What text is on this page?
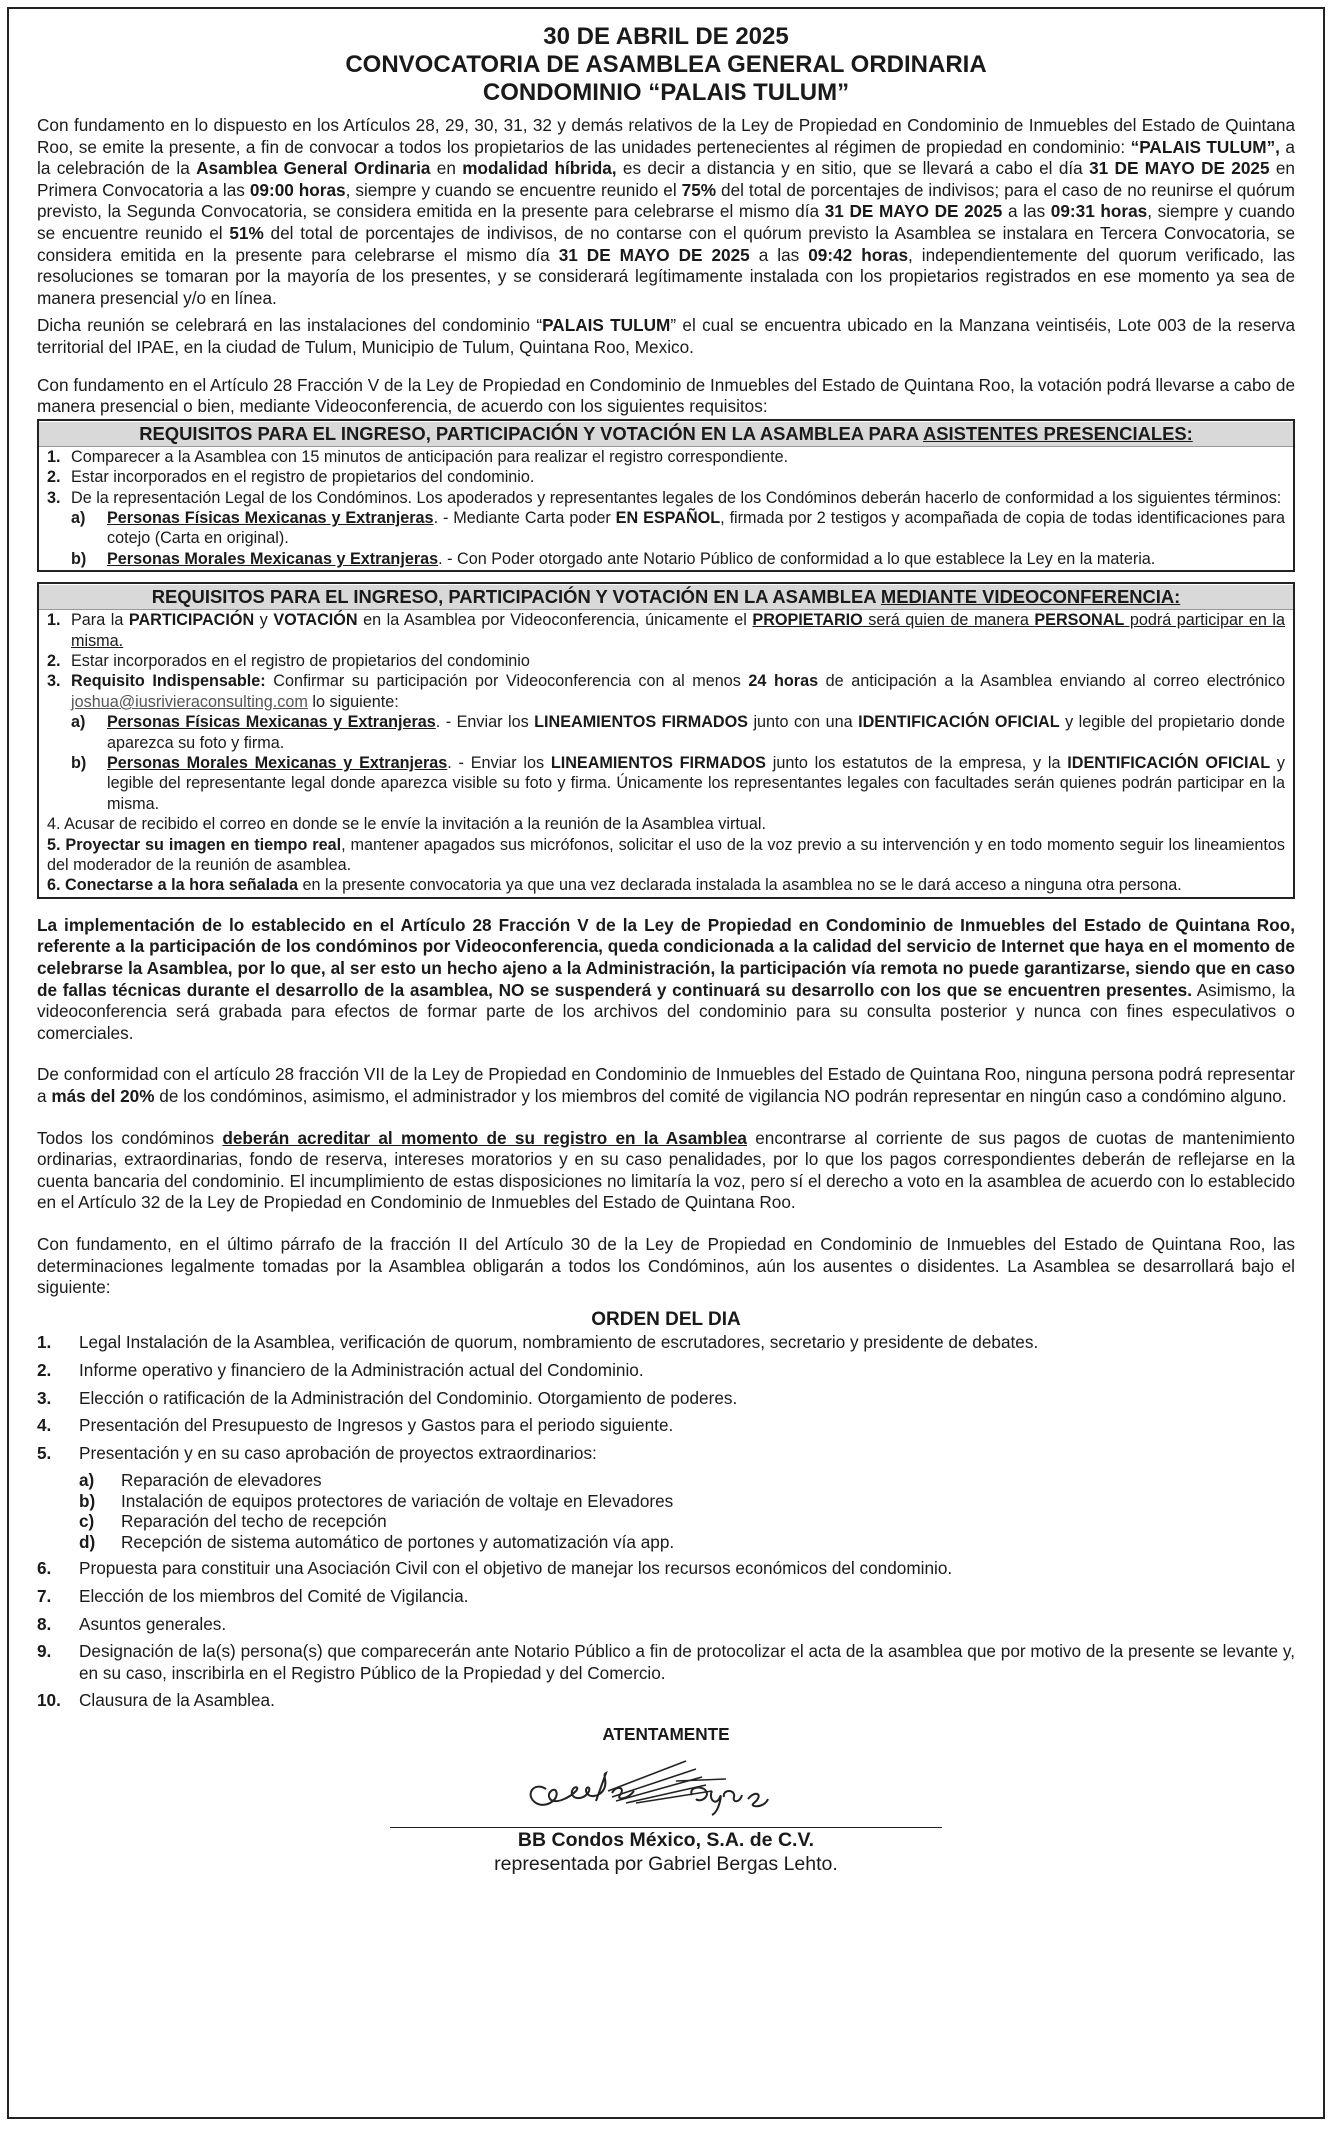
30 DE ABRIL DE 2025
CONVOCATORIA DE ASAMBLEA GENERAL ORDINARIA
CONDOMINIO “PALAIS TULUM”

Con fundamento en lo dispuesto en los Artículos 28, 29, 30, 31, 32 y demás relativos de la Ley de Propiedad en Condominio de Inmuebles del Estado de Quintana Roo, se emite la presente, a fin de convocar a todos los propietarios de las unidades pertenecientes al régimen de propiedad en condominio: “PALAIS TULUM”, a la celebración de la Asamblea General Ordinaria en modalidad híbrida, es decir a distancia y en sitio, que se llevará a cabo el día 31 DE MAYO DE 2025 en Primera Convocatoria a las 09:00 horas, siempre y cuando se encuentre reunido el 75% del total de porcentajes de indivisos; para el caso de no reunirse el quórum previsto, la Segunda Convocatoria, se considera emitida en la presente para celebrarse el mismo día 31 DE MAYO DE 2025 a las 09:31 horas, siempre y cuando se encuentre reunido el 51% del total de porcentajes de indivisos, de no contarse con el quórum previsto la Asamblea se instalara en Tercera Convocatoria, se considera emitida en la presente para celebrarse el mismo día 31 DE MAYO DE 2025 a las 09:42 horas, independientemente del quorum verificado, las resoluciones se tomaran por la mayoría de los presentes, y se considerará legítimamente instalada con los propietarios registrados en ese momento ya sea de manera presencial y/o en línea.

Dicha reunión se celebrará en las instalaciones del condominio “PALAIS TULUM” el cual se encuentra ubicado en la Manzana veintiséis, Lote 003 de la reserva territorial del IPAE, en la ciudad de Tulum, Municipio de Tulum, Quintana Roo, Mexico.

Con fundamento en el Artículo 28 Fracción V de la Ley de Propiedad en Condominio de Inmuebles del Estado de Quintana Roo, la votación podrá llevarse a cabo de manera presencial o bien, mediante Videoconferencia, de acuerdo con los siguientes requisitos:

REQUISITOS PARA EL INGRESO, PARTICIPACIÓN Y VOTACIÓN EN LA ASAMBLEA PARA ASISTENTES PRESENCIALES:
1. Comparecer a la Asamblea con 15 minutos de anticipación para realizar el registro correspondiente.
2. Estar incorporados en el registro de propietarios del condominio.
3. De la representación Legal de los Condóminos. Los apoderados y representantes legales de los Condóminos deberán hacerlo de conformidad a los siguientes términos:
a)	Personas Físicas Mexicanas y Extranjeras. - Mediante Carta poder EN ESPAÑOL, firmada por 2 testigos y acompañada de copia de todas identificaciones para cotejo (Carta en original).
b)	Personas Morales Mexicanas y Extranjeras. - Con Poder otorgado ante Notario Público de conformidad a lo que establece la Ley en la materia.
REQUISITOS PARA EL INGRESO, PARTICIPACIÓN Y VOTACIÓN EN LA ASAMBLEA MEDIANTE VIDEOCONFERENCIA:
1. Para la PARTICIPACIÓN y VOTACIÓN en la Asamblea por Videoconferencia, únicamente el PROPIETARIO será quien de manera PERSONAL podrá participar en la misma.
2. Estar incorporados en el registro de propietarios del condominio
3. Requisito Indispensable: Confirmar su participación por Videoconferencia con al menos 24 horas de anticipación a la Asamblea enviando al correo electrónico joshua@iusrivieraconsulting.com lo siguiente:
a)	Personas Físicas Mexicanas y Extranjeras. - Enviar los LINEAMIENTOS FIRMADOS junto con una IDENTIFICACIÓN OFICIAL y legible del propietario donde aparezca su foto y firma.
b)	Personas Morales Mexicanas y Extranjeras. - Enviar los LINEAMIENTOS FIRMADOS junto los estatutos de la empresa, y la IDENTIFICACIÓN OFICIAL y legible del representante legal donde aparezca visible su foto y firma. Únicamente los representantes legales con facultades serán quienes podrán participar en la misma.

4. Acusar de recibido el correo en donde se le envíe la invitación a la reunión de la Asamblea virtual.

5. Proyectar su imagen en tiempo real, mantener apagados sus micrófonos, solicitar el uso de la voz previo a su intervención y en todo momento seguir los lineamientos del moderador de la reunión de asamblea.

6. Conectarse a la hora señalada en la presente convocatoria ya que una vez declarada instalada la asamblea no se le dará acceso a ninguna otra persona.

La implementación de lo establecido en el Artículo 28 Fracción V de la Ley de Propiedad en Condominio de Inmuebles del Estado de Quintana Roo, referente a la participación de los condóminos por Videoconferencia, queda condicionada a la calidad del servicio de Internet que haya en el momento de celebrarse la Asamblea, por lo que, al ser esto un hecho ajeno a la Administración, la participación vía remota no puede garantizarse, siendo que en caso de fallas técnicas durante el desarrollo de la asamblea, NO se suspenderá y continuará su desarrollo con los que se encuentren presentes. Asimismo, la videoconferencia será grabada para efectos de formar parte de los archivos del condominio para su consulta posterior y nunca con fines especulativos o comerciales.

De conformidad con el artículo 28 fracción VII de la Ley de Propiedad en Condominio de Inmuebles del Estado de Quintana Roo, ninguna persona podrá representar a más del 20% de los condóminos, asimismo, el administrador y los miembros del comité de vigilancia NO podrán representar en ningún caso a condómino alguno.

Todos los condóminos deberán acreditar al momento de su registro en la Asamblea encontrarse al corriente de sus pagos de cuotas de mantenimiento ordinarias, extraordinarias, fondo de reserva, intereses moratorios y en su caso penalidades, por lo que los pagos correspondientes deberán de reflejarse en la cuenta bancaria del condominio. El incumplimiento de estas disposiciones no limitaría la voz, pero sí el derecho a voto en la asamblea de acuerdo con lo establecido en el Artículo 32 de la Ley de Propiedad en Condominio de Inmuebles del Estado de Quintana Roo.

Con fundamento, en el último párrafo de la fracción II del Artículo 30 de la Ley de Propiedad en Condominio de Inmuebles del Estado de Quintana Roo, las determinaciones legalmente tomadas por la Asamblea obligarán a todos los Condóminos, aún los ausentes o disidentes. La Asamblea se desarrollará bajo el siguiente:

ORDEN DEL DIA
1.	Legal Instalación de la Asamblea, verificación de quorum, nombramiento de escrutadores, secretario y presidente de debates.
2.	Informe operativo y financiero de la Administración actual del Condominio.
3.	Elección o ratificación de la Administración del Condominio. Otorgamiento de poderes.
4.	Presentación del Presupuesto de Ingresos y Gastos para el periodo siguiente.
5.	Presentación y en su caso aprobación de proyectos extraordinarios:
a)	Reparación de elevadores
b)	Instalación de equipos protectores de variación de voltaje en Elevadores
c)	Reparación del techo de recepción
d)	Recepción de sistema automático de portones y automatización vía app.
6.	Propuesta para constituir una Asociación Civil con el objetivo de manejar los recursos económicos del condominio.
7.	Elección de los miembros del Comité de Vigilancia.
8.	Asuntos generales.
9.	Designación de la(s) persona(s) que comparecerán ante Notario Público a fin de protocolizar el acta de la asamblea que por motivo de la presente se levante y, en su caso, inscribirla en el Registro Público de la Propiedad y del Comercio.
10.	Clausura de la Asamblea.
ATENTAMENTE
BB Condos México, S.A. de C.V.
representada por Gabriel Bergas Lehto.
